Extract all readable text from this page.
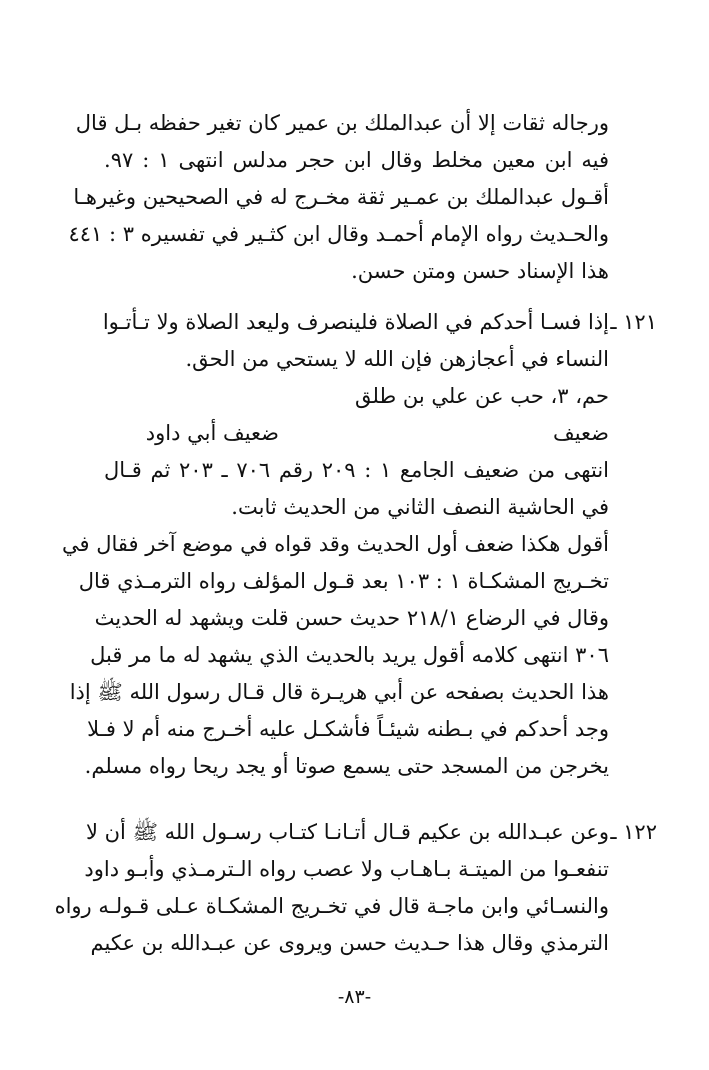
ورجاله ثقات إلا أن عبدالملك بن عمير كان تغير حفظه بـل قال
فيه ابن معين مخلط وقال ابن حجر مدلس انتهى ١ : ٩٧.
أقـول عبدالملك بن عمـير ثقة مخـرج له في الصحيحين وغيرهـا
والحـديث رواه الإمام أحمـد وقال ابن كثـير في تفسيره ٣ : ٤٤١
هذا الإسناد حسن ومتن حسن.
١٢١ ـ
إذا فسـا أحدكم في الصلاة فلينصرف وليعد الصلاة ولا تـأتـوا
النساء في أعجازهن فإن الله لا يستحي من الحق.
حم، ٣، حب عن علي بن طلق
ضعيف
ضعيف أبي داود
انتهى من ضعيف الجامع ١ : ٢٠٩ رقم ٧٠٦ ـ ٢٠٣ ثم قـال
في الحاشية النصف الثاني من الحديث ثابت.
أقول هكذا ضعف أول الحديث وقد قواه في موضع آخر فقال في
تخـريج المشكـاة ١ : ١٠٣ بعد قـول المؤلف رواه الترمـذي قال
وقال في الرضاع ٢١٨/١ حديث حسن قلت ويشهد له الحديث
٣٠٦ انتهى كلامه أقول يريد بالحديث الذي يشهد له ما مر قبل
هذا الحديث بصفحه عن أبي هريـرة قال قـال رسول الله ﷺ إذا
وجد أحدكم في بـطنه شيئـاً فأشكـل عليه أخـرج منه أم لا فـلا
يخرجن من المسجد حتى يسمع صوتا أو يجد ريحا رواه مسلم.
١٢٢ ـ
وعن عبـدالله بن عكيم قـال أتـانـا كتـاب رسـول الله ﷺ أن لا
تنفعـوا من الميتـة بـاهـاب ولا عصب رواه الـترمـذي وأبـو داود
والنسـائي وابن ماجـة قال في تخـريج المشكـاة عـلى قـولـه رواه
الترمذي وقال هذا حـديث حسن ويروى عن عبـدالله بن عكيم
-٨٣-
